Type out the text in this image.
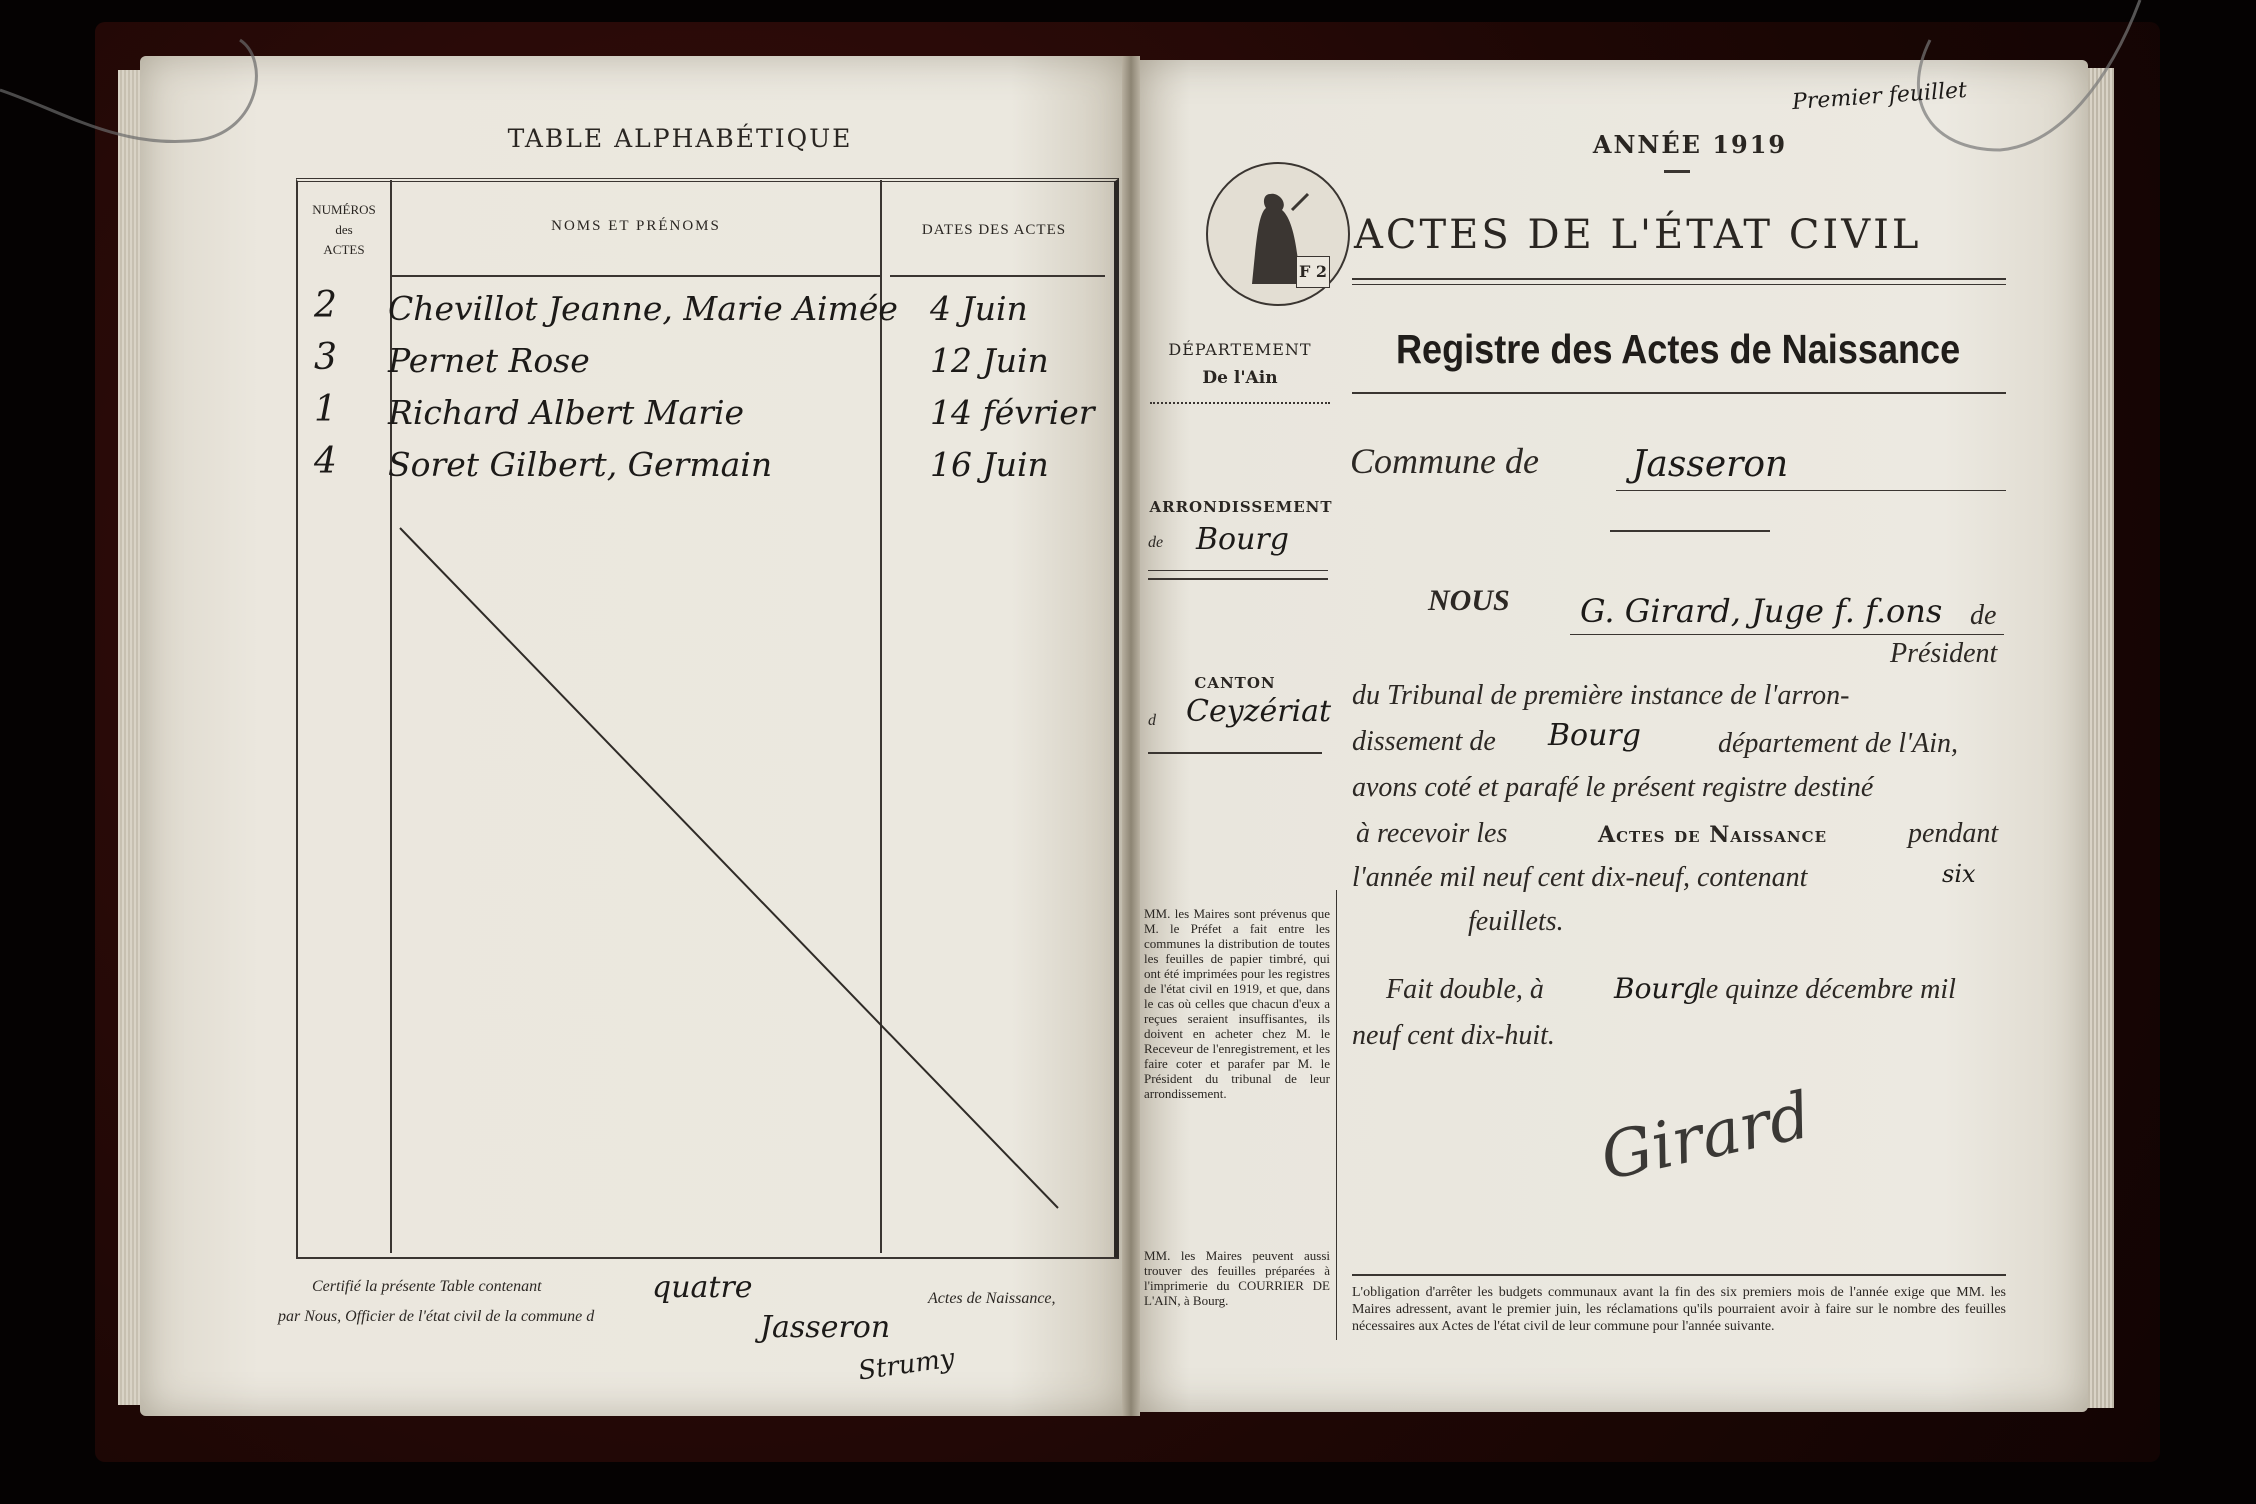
TABLE ALPHABÉTIQUE
NUMÉROS
des
ACTES
NOMS ET PRÉNOMS	DATES DES ACTES
2 Chevillot Jeanne, Marie Aimée 4 Juin
3 Pernet Rose	12 Juin
1 Richard Albert Marie	14 février
4 Soret Gilbert, Germain	16 Juin
Certifié la présente Table contenant	quatre	Actes de Naissance,
par Nous, Officier de l'état civil de la commune d	Jasseron
Strumy
Premier feuillet
ANNÉE 1919
F 2
ACTES DE L'ÉTAT CIVIL
Registre des Actes de Naissance
DÉPARTEMENT
De l'Ain
ARRONDISSEMENT
de Bourg
CANTON
d Ceyzériat
MM. les Maires sont prévenus que M. le Préfet a fait entre les communes la distribution de toutes les feuilles de papier timbré, qui ont été imprimées pour les registres de l'état civil en 1919, et que, dans le cas où celles que chacun d'eux a reçues seraient insuffisantes, ils doivent en acheter chez M. le Receveur de l'enregistrement, et les faire coter et parafer par M. le Président du tribunal de leur arrondissement.
MM. les Maires peuvent aussi trouver des feuilles préparées à l'imprimerie du COURRIER DE L'AIN, à Bourg.
Commune de	Jasseron
NOUS G. Girard, Juge f. f.ons de
Président
du Tribunal de première instance de l'arron-
dissement de Bourg	département de l'Ain,
avons coté et parafé le présent registre destiné
à recevoir les	Actes de Naissance	pendant
l'année mil neuf cent dix-neuf, contenant	six
feuillets.
Fait double, à	Bourg
le quinze décembre mil
neuf cent dix-huit.
Girard
L'obligation d'arrêter les budgets communaux avant la fin des six premiers mois de l'année exige que MM. les Maires adressent, avant le premier juin, les réclamations qu'ils pourraient avoir à faire sur le nombre des feuilles nécessaires aux Actes de l'état civil de leur commune pour l'année suivante.
